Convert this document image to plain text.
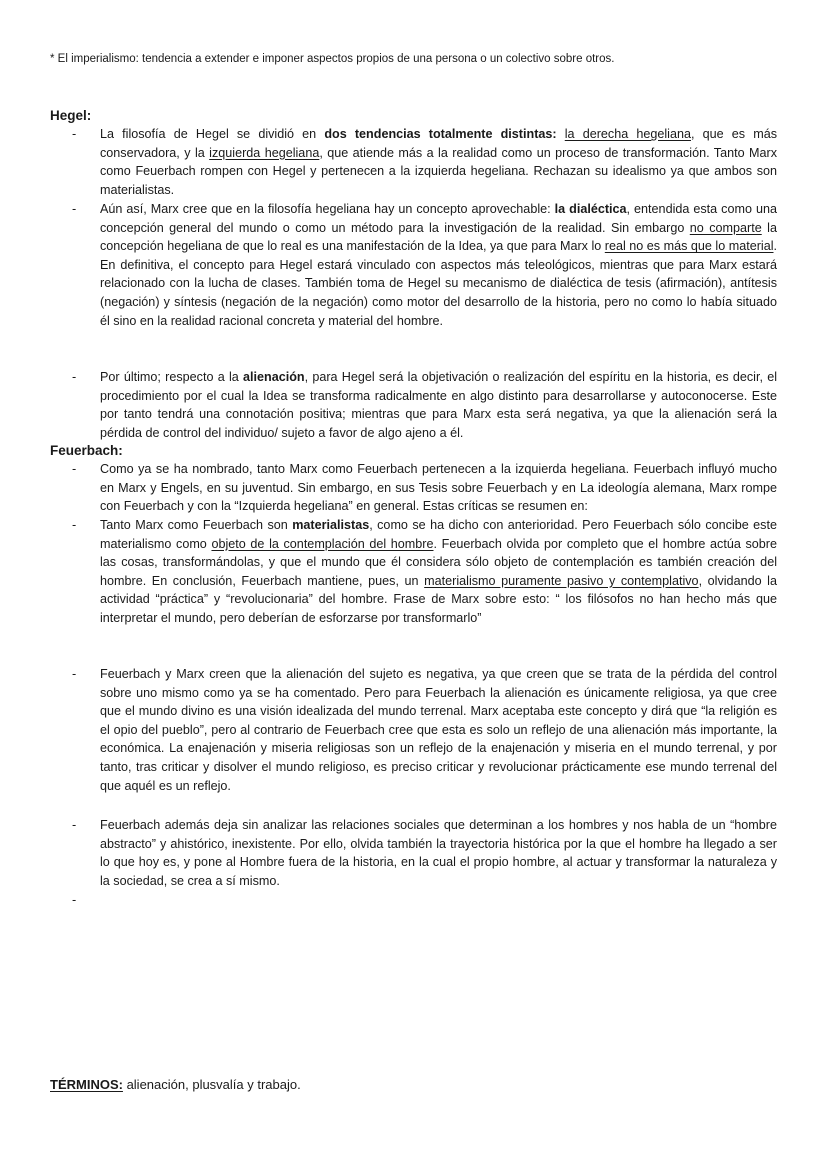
* El imperialismo: tendencia a extender e imponer aspectos propios de una persona o un colectivo sobre otros.
Hegel:
- La filosofía de Hegel se dividió en dos tendencias totalmente distintas: la derecha hegeliana, que es más conservadora, y la izquierda hegeliana, que atiende más a la realidad como un proceso de transformación. Tanto Marx como Feuerbach rompen con Hegel y pertenecen a la izquierda hegeliana. Rechazan su idealismo ya que ambos son materialistas.
- Aún así, Marx cree que en la filosofía hegeliana hay un concepto aprovechable: la dialéctica, entendida esta como una concepción general del mundo o como un método para la investigación de la realidad. Sin embargo no comparte la concepción hegeliana de que lo real es una manifestación de la Idea, ya que para Marx lo real no es más que lo material. En definitiva, el concepto para Hegel estará vinculado con aspectos más teleológicos, mientras que para Marx estará relacionado con la lucha de clases. También toma de Hegel su mecanismo de dialéctica de tesis (afirmación), antítesis (negación) y síntesis (negación de la negación) como motor del desarrollo de la historia, pero no como lo había situado él sino en la realidad racional concreta y material del hombre.
- Por último; respecto a la alienación, para Hegel será la objetivación o realización del espíritu en la historia, es decir, el procedimiento por el cual la Idea se transforma radicalmente en algo distinto para desarrollarse y autoconocerse. Este por tanto tendrá una connotación positiva; mientras que para Marx esta será negativa, ya que la alienación será la pérdida de control del individuo/ sujeto a favor de algo ajeno a él.
Feuerbach:
- Como ya se ha nombrado, tanto Marx como Feuerbach pertenecen a la izquierda hegeliana. Feuerbach influyó mucho en Marx y Engels, en su juventud. Sin embargo, en sus Tesis sobre Feuerbach y en La ideología alemana, Marx rompe con Feuerbach y con la “Izquierda hegeliana” en general. Estas críticas se resumen en:
- Tanto Marx como Feuerbach son materialistas, como se ha dicho con anterioridad. Pero Feuerbach sólo concibe este materialismo como objeto de la contemplación del hombre. Feuerbach olvida por completo que el hombre actúa sobre las cosas, transformándolas, y que el mundo que él considera sólo objeto de contemplación es también creación del hombre. En conclusión, Feuerbach mantiene, pues, un materialismo puramente pasivo y contemplativo, olvidando la actividad “práctica” y “revolucionaria” del hombre. Frase de Marx sobre esto: “ los filósofos no han hecho más que interpretar el mundo, pero deberían de esforzarse por transformarlo”
- Feuerbach y Marx creen que la alienación del sujeto es negativa, ya que creen que se trata de la pérdida del control sobre uno mismo como ya se ha comentado. Pero para Feuerbach la alienación es únicamente religiosa, ya que cree que el mundo divino es una visión idealizada del mundo terrenal. Marx aceptaba este concepto y dirá que “la religión es el opio del pueblo”, pero al contrario de Feuerbach cree que esta es solo un reflejo de una alienación más importante, la económica. La enajenación y miseria religiosas son un reflejo de la enajenación y miseria en el mundo terrenal, y por tanto, tras criticar y disolver el mundo religioso, es preciso criticar y revolucionar prácticamente ese mundo terrenal del que aquél es un reflejo.
- Feuerbach además deja sin analizar las relaciones sociales que determinan a los hombres y nos habla de un “hombre abstracto” y ahistórico, inexistente. Por ello, olvida también la trayectoria histórica por la que el hombre ha llegado a ser lo que hoy es, y pone al Hombre fuera de la historia, en la cual el propio hombre, al actuar y transformar la naturaleza y la sociedad, se crea a sí mismo.
-
TÉRMINOS: alienación, plusvalía y trabajo.
